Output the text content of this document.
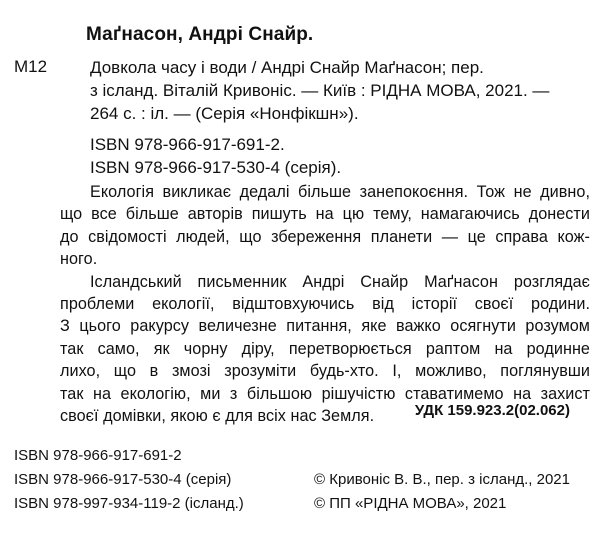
Маґнасон, Андрі Снайр.
М12	Довкола часу і води / Андрі Снайр Маґнасон; пер.
з ісланд. Віталій Кривоніс. — Київ : РІДНА МОВА, 2021. —
264 с. : іл. — (Серія «Нонфікшн»).
ISBN 978-966-917-691-2.
ISBN 978-966-917-530-4 (серія).
Екологія викликає дедалі більше занепокоєння. Тож не дивно,
що все більше авторів пишуть на цю тему, намагаючись донести
до свідомості людей, що збереження планети — це справа кож-
ного.
Ісландський письменник Андрі Снайр Маґнасон розглядає
проблеми екології, відштовхуючись від історії своєї родини.
З цього ракурсу величезне питання, яке важко осягнути розумом
так само, як чорну діру, перетворюється раптом на родинне
лихо, що в змозі зрозуміти будь-хто. І, можливо, поглянувши
так на екологію, ми з більшою рішучістю ставатимемо на захист
своєї домівки, якою є для всіх нас Земля.	УДК 159.923.2(02.062)
ISBN 978-966-917-691-2
ISBN 978-966-917-530-4 (серія)
ISBN 978-997-934-119-2 (ісланд.)
© Кривоніс В. В., пер. з ісланд., 2021
© ПП «РІДНА МОВА», 2021
